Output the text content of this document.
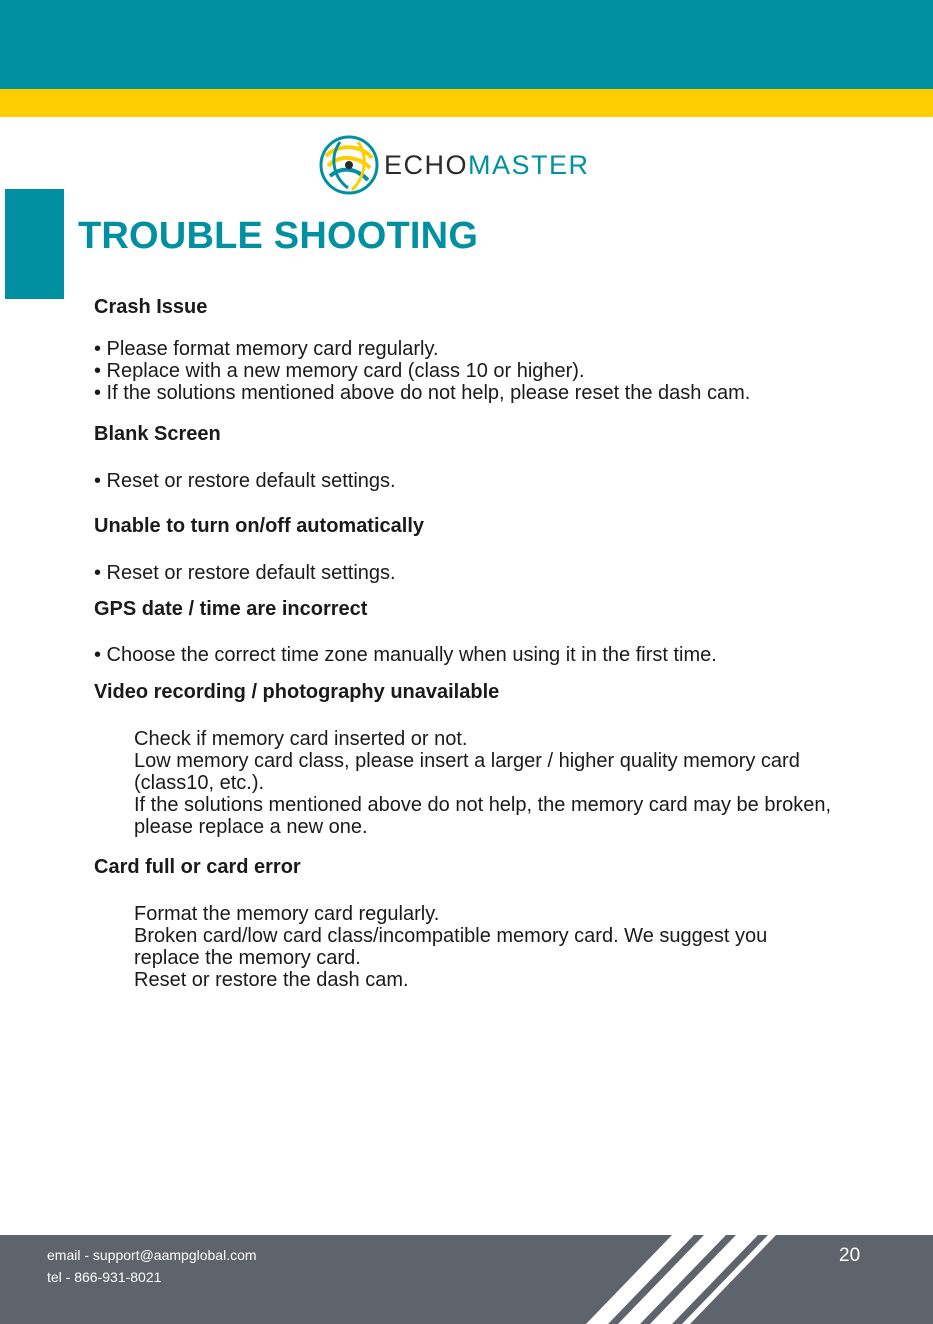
ECHOMASTER
TROUBLE SHOOTING
Crash Issue
• Please format memory card regularly.
• Replace with a new memory card (class 10 or higher).
• If the solutions mentioned above do not help, please reset the dash cam.
Blank Screen
• Reset or restore default settings.
Unable to turn on/off automatically
• Reset or restore default settings.
GPS date / time are incorrect
• Choose the correct time zone manually when using it in the first time.
Video recording / photography unavailable
Check if memory card inserted or not.
Low memory card class, please insert a larger / higher quality memory card
(class10, etc.).
If the solutions mentioned above do not help, the memory card may be broken,
please replace a new one.
Card full or card error
Format the memory card regularly.
Broken card/low card class/incompatible memory card. We suggest you
replace the memory card.
Reset or restore the dash cam.
email - support@aampglobal.com
tel - 866-931-8021
20
